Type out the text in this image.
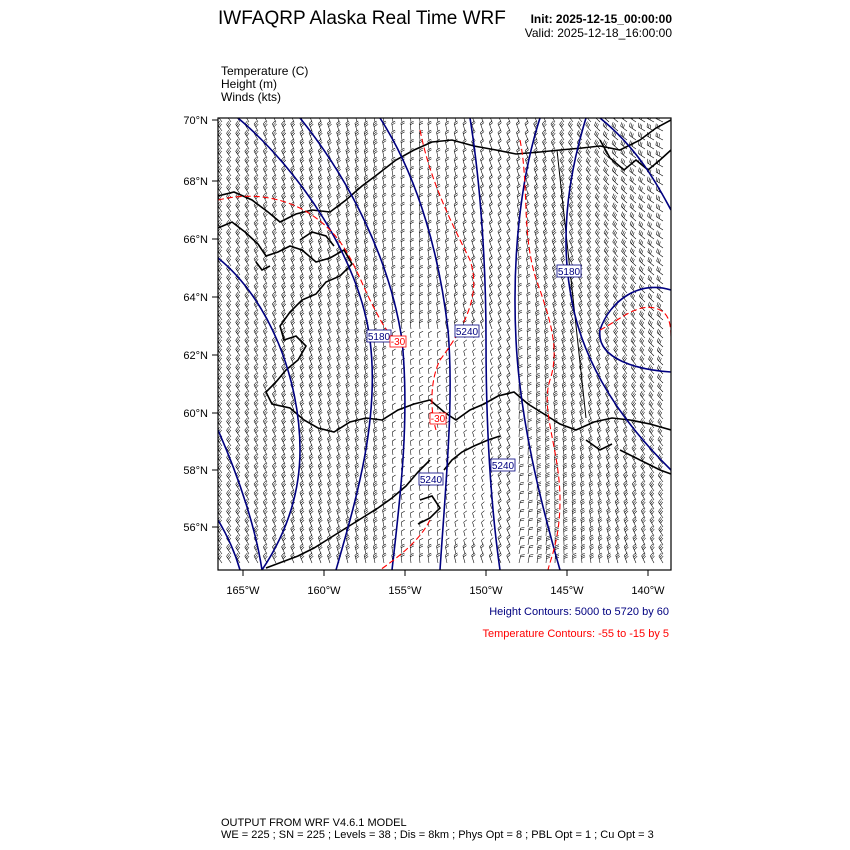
IWFAQRP Alaska Real Time WRF Init: 2025-12-15_00:00:00
Valid: 2025-12-18_16:00:00
Temperature (C)
Height (m)
Winds (kts)
70°N
68°N
66°N
64°N
62°N
60°N
58°N
56°N
165°W	160°W	155°W	150°W	145°W	140°W
5180	5240
5180
5240
5240
-30
-30
Height Contours: 5000 to 5720 by 60
Temperature Contours: -55 to -15 by 5
OUTPUT FROM WRF V4.6.1 MODEL
WE = 225 ; SN = 225 ; Levels = 38 ; Dis = 8km ; Phys Opt = 8 ; PBL Opt = 1 ; Cu Opt = 3
